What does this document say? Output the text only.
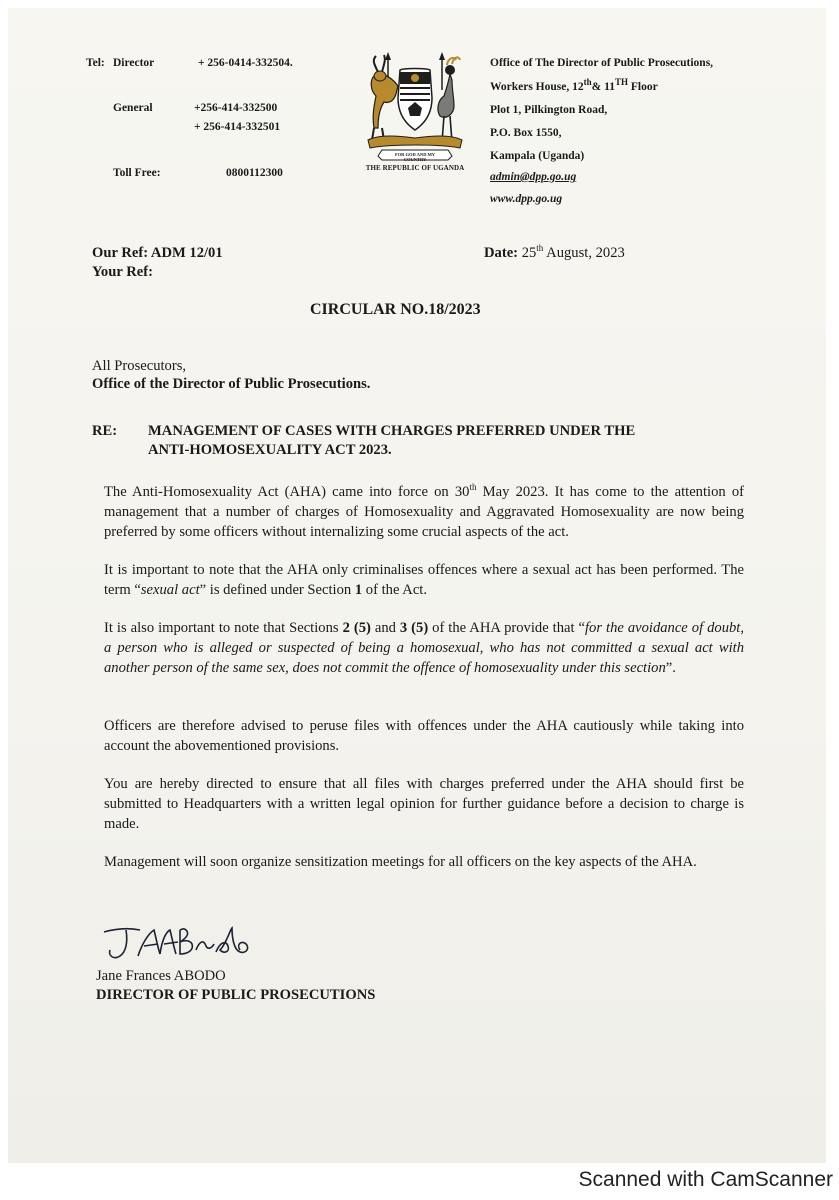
Tel: Director	+ 256-0414-332504.
General	+256-414-332500
+ 256-414-332501
Toll Free:	0800112300
FOR GOD AND MY COUNTRY
THE REPUBLIC OF UGANDA
Office of The Director of Public Prosecutions,
Workers House, 12th& 11TH Floor
Plot 1, Pilkington Road,
P.O. Box 1550,
Kampala (Uganda)
admin@dpp.go.ug
www.dpp.go.ug
Our Ref: ADM 12/01
Your Ref:
Date: 25th August, 2023
CIRCULAR NO.18/2023
All Prosecutors,
Office of the Director of Public Prosecutions.
RE: MANAGEMENT OF CASES WITH CHARGES PREFERRED UNDER THE
ANTI-HOMOSEXUALITY ACT 2023.
The Anti-Homosexuality Act (AHA) came into force on 30th May 2023. It has come to the attention of management that a number of charges of Homosexuality and Aggravated Homosexuality are now being preferred by some officers without internalizing some crucial aspects of the act.
It is important to note that the AHA only criminalises offences where a sexual act has been performed. The term “sexual act” is defined under Section 1 of the Act.
It is also important to note that Sections 2 (5) and 3 (5) of the AHA provide that “for the avoidance of doubt, a person who is alleged or suspected of being a homosexual, who has not committed a sexual act with another person of the same sex, does not commit the offence of homosexuality under this section”.
Officers are therefore advised to peruse files with offences under the AHA cautiously while taking into account the abovementioned provisions.
You are hereby directed to ensure that all files with charges preferred under the AHA should first be submitted to Headquarters with a written legal opinion for further guidance before a decision to charge is made.
Management will soon organize sensitization meetings for all officers on the key aspects of the AHA.
Jane Frances ABODO
DIRECTOR OF PUBLIC PROSECUTIONS
Scanned with CamScanner
